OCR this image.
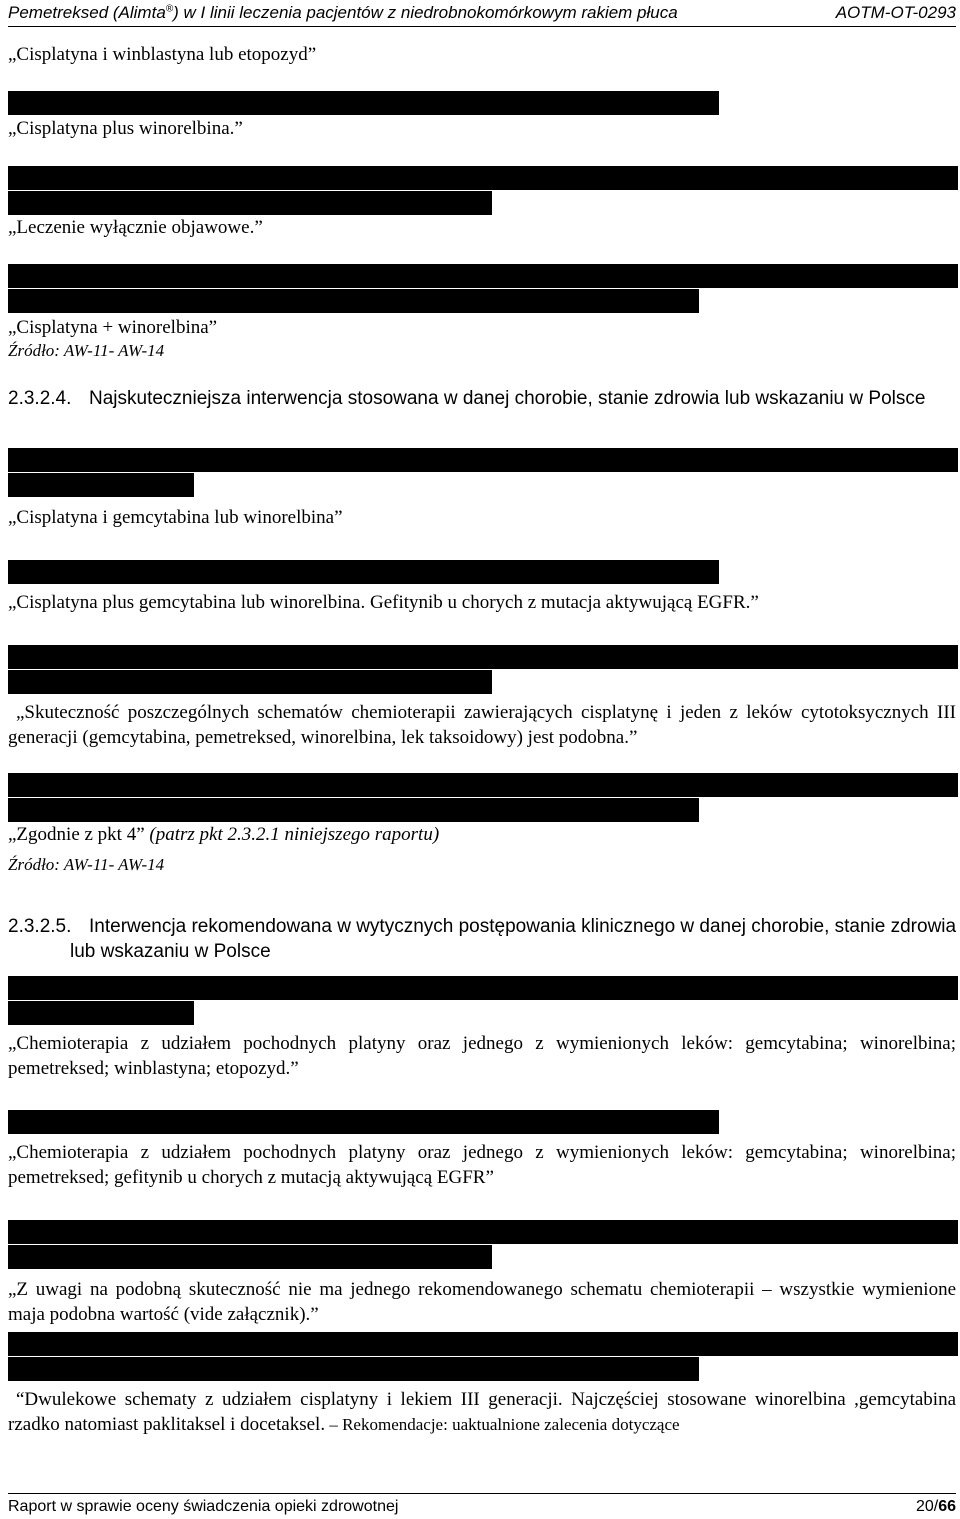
Pemetreksed (Alimta®) w I linii leczenia pacjentów z niedrobnokomórkowym rakiem płuca	AOTM-OT-0293
„Cisplatyna i winblastyna lub etopozyd”
„Cisplatyna plus winorelbina.”
„Leczenie wyłącznie objawowe.”
„Cisplatyna + winorelbina”
Źródło: AW-11- AW-14
2.3.2.4. Najskuteczniejsza interwencja stosowana w danej chorobie, stanie zdrowia lub wskazaniu w Polsce
„Cisplatyna i gemcytabina lub winorelbina”
„Cisplatyna plus gemcytabina lub winorelbina. Gefitynib u chorych z mutacja aktywującą EGFR.”
„Skuteczność poszczególnych schematów chemioterapii zawierających cisplatynę i jeden z leków cytotoksycznych III generacji (gemcytabina, pemetreksed, winorelbina, lek taksoidowy) jest podobna.”
„Zgodnie z pkt 4” (patrz pkt 2.3.2.1 niniejszego raportu)
Źródło: AW-11- AW-14
2.3.2.5. Interwencja rekomendowana w wytycznych postępowania klinicznego w danej chorobie, stanie zdrowia lub wskazaniu w Polsce
„Chemioterapia z udziałem pochodnych platyny oraz jednego z wymienionych leków: gemcytabina; winorelbina; pemetreksed; winblastyna; etopozyd.”
„Chemioterapia z udziałem pochodnych platyny oraz jednego z wymienionych leków: gemcytabina; winorelbina; pemetreksed; gefitynib u chorych z mutacją aktywującą EGFR”
„Z uwagi na podobną skuteczność nie ma jednego rekomendowanego schematu chemioterapii – wszystkie wymienione maja podobna wartość (vide załącznik).”
“Dwulekowe schematy z udziałem cisplatyny i lekiem III generacji. Najczęściej stosowane winorelbina ,gemcytabina rzadko natomiast paklitaksel i docetaksel. – Rekomendacje: uaktualnione zalecenia dotyczące
Raport w sprawie oceny świadczenia opieki zdrowotnej	20/66
